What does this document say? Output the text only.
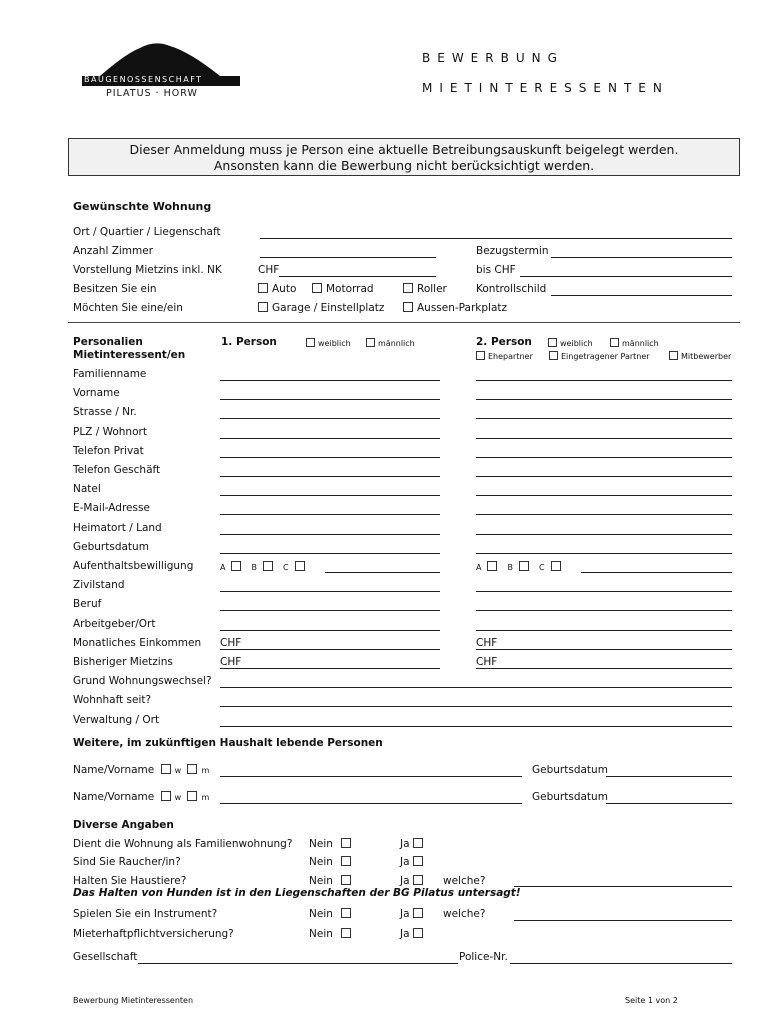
BAUGENOSSENSCHAFT
PILATUS · HORW
BEWERBUNG
MIETINTERESSENTEN
Dieser Anmeldung muss je Person eine aktuelle Betreibungsauskunft beigelegt werden.
Ansonsten kann die Bewerbung nicht berücksichtigt werden.
Gewünschte Wohnung
Ort / Quartier / Liegenschaft
Anzahl Zimmer	Bezugstermin
Vorstellung Mietzins inkl. NK	CHF	bis CHF
Besitzen Sie ein	Auto	Motorrad	Roller	Kontrollschild
Möchten Sie eine/ein	Garage / Einstellplatz	Aussen-Parkplatz
Personalien
Mietinteressent/en
1. Person	weiblich	männlich	2. Person	weiblich	männlich
Ehepartner	Eingetragener Partner	Mitbewerber
Familienname
Vorname
Strasse / Nr.
PLZ / Wohnort
Telefon Privat
Telefon Geschäft
Natel
E-Mail-Adresse
Heimatort / Land
Geburtsdatum
Aufenthaltsbewilligung	A	B	C	A	B	C
Zivilstand
Beruf
Arbeitgeber/Ort
Monatliches Einkommen CHF	CHF
Bisheriger Mietzins	CHF	CHF
Grund Wohnungswechsel?
Wohnhaft seit?
Verwaltung / Ort
Weitere, im zukünftigen Haushalt lebende Personen
Name/Vorname	w	m	Geburtsdatum
Name/Vorname	w	m	Geburtsdatum
Diverse Angaben
Dient die Wohnung als Familienwohnung? Nein	Ja
Sind Sie Raucher/in?	Nein	Ja
Halten Sie Haustiere?	Nein	Ja	welche?
Das Halten von Hunden ist in den Liegenschaften der BG Pilatus untersagt!
Spielen Sie ein Instrument?	Nein	Ja	welche?
Mieterhaftpflichtversicherung?	Nein	Ja
Gesellschaft	Police-Nr.
Bewerbung Mietinteressenten	Seite 1 von 2
